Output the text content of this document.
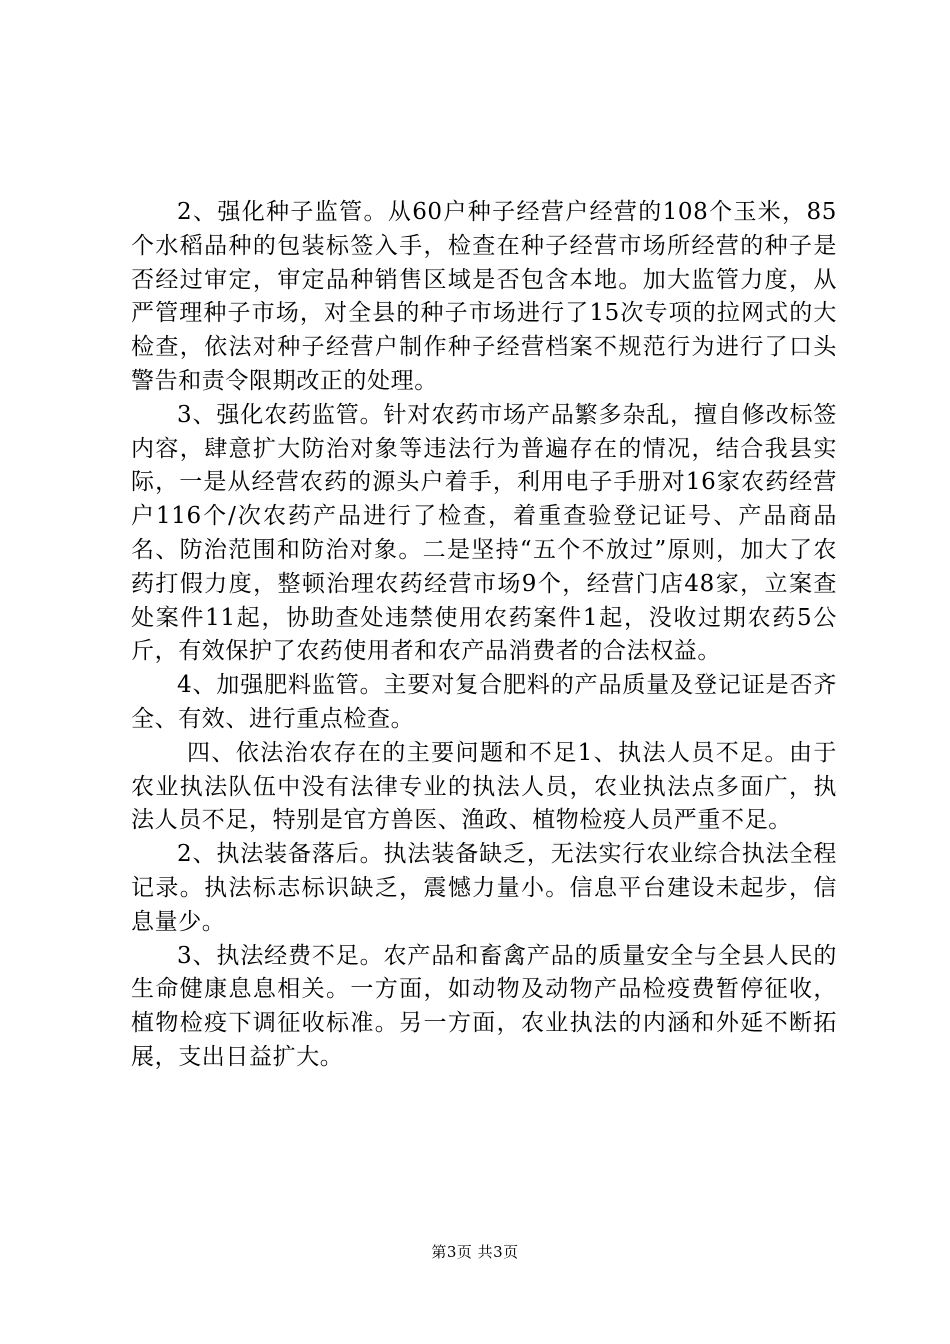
2、强化种子监管。从60户种子经营户经营的108个玉米，85个水稻品种的包装标签入手，检查在种子经营市场所经营的种子是否经过审定，审定品种销售区域是否包含本地。加大监管力度，从严管理种子市场，对全县的种子市场进行了15次专项的拉网式的大检查，依法对种子经营户制作种子经营档案不规范行为进行了口头警告和责令限期改正的处理。

3、强化农药监管。针对农药市场产品繁多杂乱，擅自修改标签内容，肆意扩大防治对象等违法行为普遍存在的情况，结合我县实际，一是从经营农药的源头户着手，利用电子手册对16家农药经营户116个/次农药产品进行了检查，着重查验登记证号、产品商品名、防治范围和防治对象。二是坚持“五个不放过”原则，加大了农药打假力度，整顿治理农药经营市场9个，经营门店48家，立案查处案件11起，协助查处违禁使用农药案件1起，没收过期农药5公斤，有效保护了农药使用者和农产品消费者的合法权益。

4、加强肥料监管。主要对复合肥料的产品质量及登记证是否齐全、有效、进行重点检查。

四、依法治农存在的主要问题和不足1、执法人员不足。由于农业执法队伍中没有法律专业的执法人员，农业执法点多面广，执法人员不足，特别是官方兽医、渔政、植物检疫人员严重不足。

2、执法装备落后。执法装备缺乏，无法实行农业综合执法全程记录。执法标志标识缺乏，震憾力量小。信息平台建设未起步，信息量少。

3、执法经费不足。农产品和畜禽产品的质量安全与全县人民的生命健康息息相关。一方面，如动物及动物产品检疫费暂停征收，植物检疫下调征收标准。另一方面，农业执法的内涵和外延不断拓展，支出日益扩大。

第3页 共3页
